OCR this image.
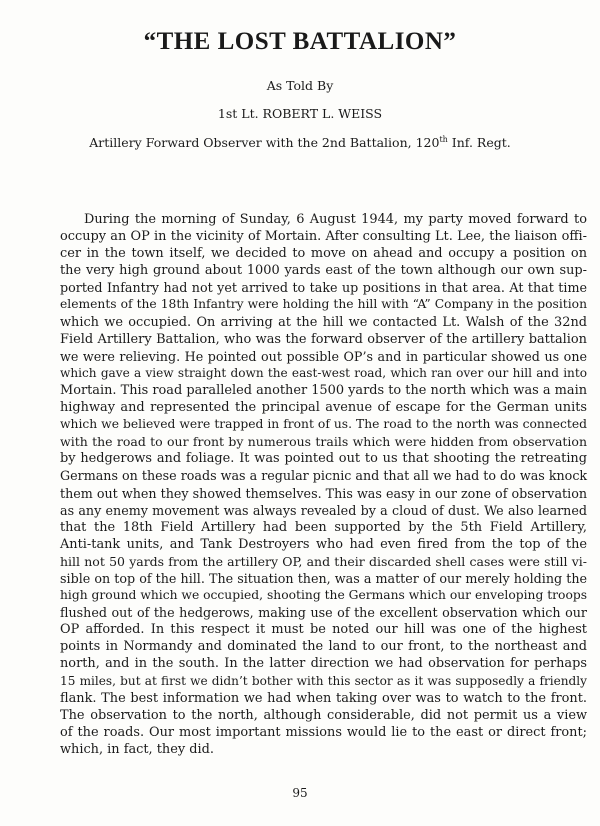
“THE LOST BATTALION”
As Told By
1st Lt. ROBERT L. WEISS
Artillery Forward Observer with the 2nd Battalion, 120th Inf. Regt.
During the morning of Sunday, 6 August 1944, my party moved forward to
occupy an OP in the vicinity of Mortain. After consulting Lt. Lee, the liaison offi-
cer in the town itself, we decided to move on ahead and occupy a position on
the very high ground about 1000 yards east of the town although our own sup-
ported Infantry had not yet arrived to take up positions in that area. At that time
elements of the 18th Infantry were holding the hill with “A” Company in the position
which we occupied. On arriving at the hill we contacted Lt. Walsh of the 32nd
Field Artillery Battalion, who was the forward observer of the artillery battalion
we were relieving. He pointed out possible OP’s and in particular showed us one
which gave a view straight down the east-west road, which ran over our hill and into
Mortain. This road paralleled another 1500 yards to the north which was a main
highway and represented the principal avenue of escape for the German units
which we believed were trapped in front of us. The road to the north was connected
with the road to our front by numerous trails which were hidden from observation
by hedgerows and foliage. It was pointed out to us that shooting the retreating
Germans on these roads was a regular picnic and that all we had to do was knock
them out when they showed themselves. This was easy in our zone of observation
as any enemy movement was always revealed by a cloud of dust. We also learned
that the 18th Field Artillery had been supported by the 5th Field Artillery,
Anti-tank units, and Tank Destroyers who had even fired from the top of the
hill not 50 yards from the artillery OP, and their discarded shell cases were still vi-
sible on top of the hill. The situation then, was a matter of our merely holding the
high ground which we occupied, shooting the Germans which our enveloping troops
flushed out of the hedgerows, making use of the excellent observation which our
OP afforded. In this respect it must be noted our hill was one of the highest
points in Normandy and dominated the land to our front, to the northeast and
north, and in the south. In the latter direction we had observation for perhaps
15 miles, but at first we didn’t bother with this sector as it was supposedly a friendly
flank. The best information we had when taking over was to watch to the front.
The observation to the north, although considerable, did not permit us a view
of the roads. Our most important missions would lie to the east or direct front;
which, in fact, they did.
95
